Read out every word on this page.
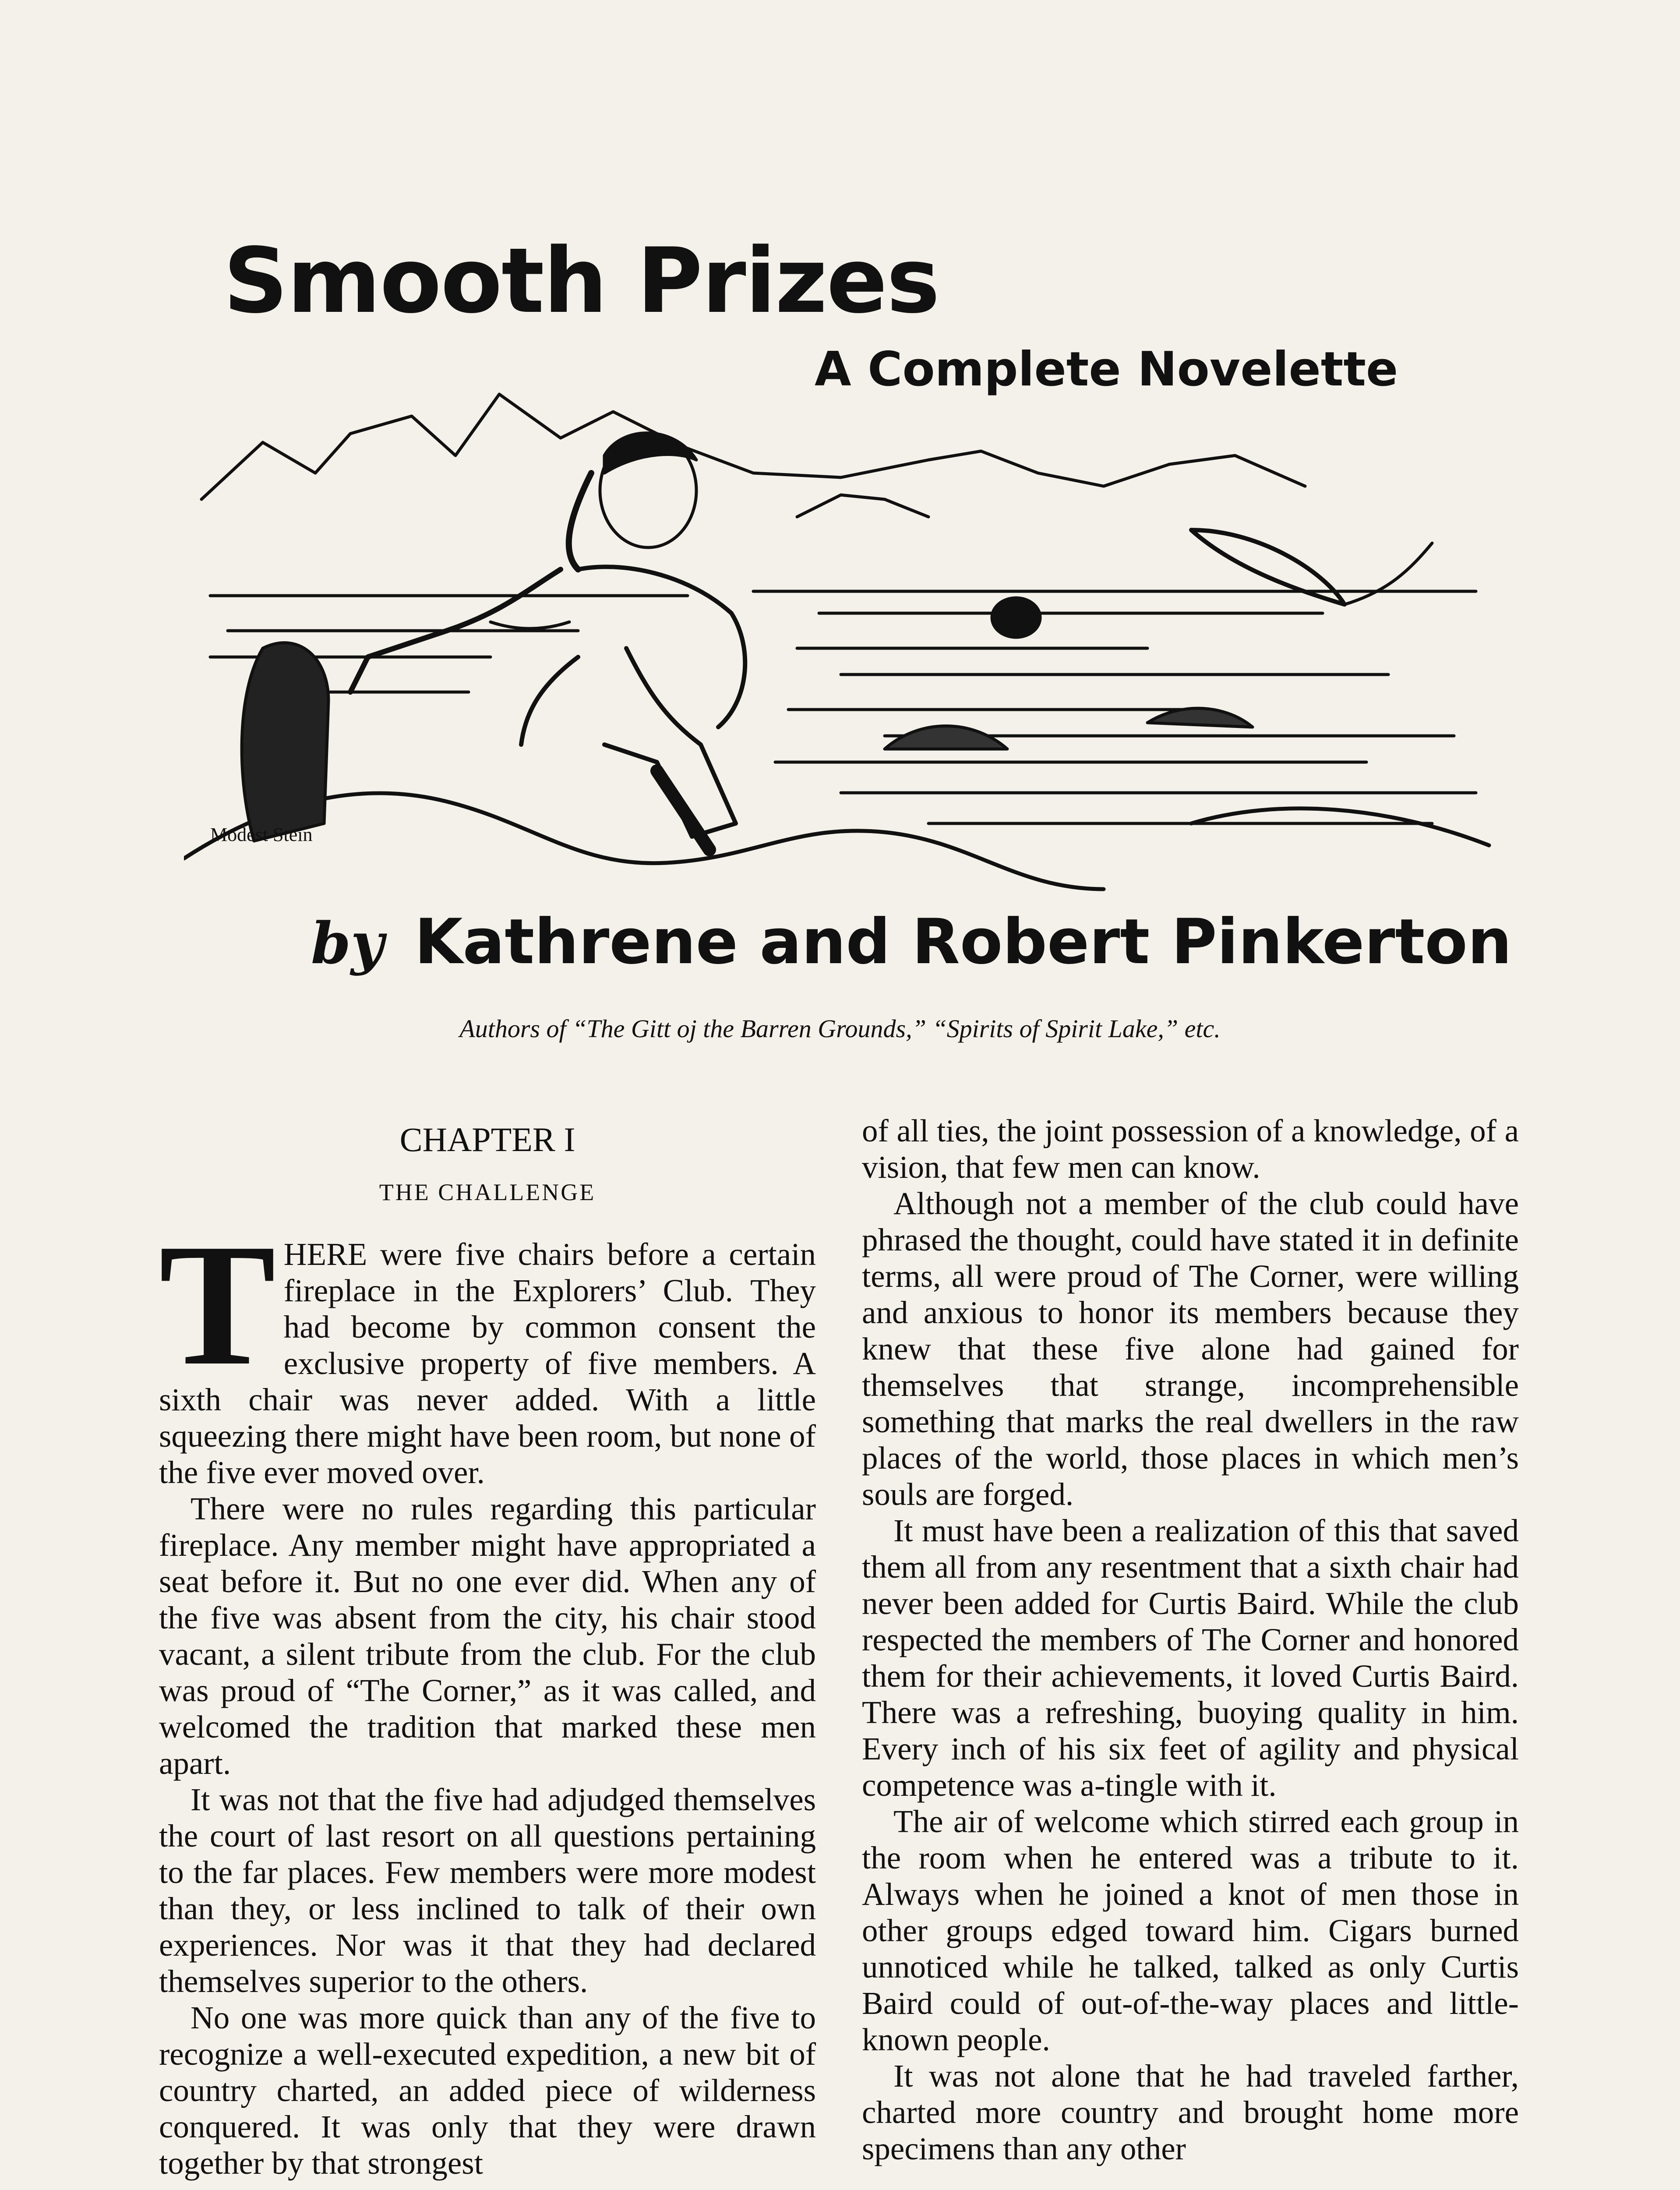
Smooth Prizes
A Complete Novelette
Modest Stein
by Kathrene and Robert Pinkerton
Authors of “The Gitt oj the Barren Grounds,” “Spirits of Spirit Lake,” etc.
CHAPTER I
THE CHALLENGE

THERE were five chairs before a certain fireplace in the Explorers’ Club. They had become by common consent the exclusive property of five members. A sixth chair was never added. With a little squeezing there might have been room, but none of the five ever moved over.

There were no rules regarding this particular fireplace. Any member might have appropriated a seat before it. But no one ever did. When any of the five was absent from the city, his chair stood vacant, a silent tribute from the club. For the club was proud of “The Corner,” as it was called, and welcomed the tradition that marked these men apart.

It was not that the five had adjudged themselves the court of last resort on all questions pertaining to the far places. Few members were more modest than they, or less inclined to talk of their own experiences. Nor was it that they had declared themselves superior to the others.

No one was more quick than any of the five to recognize a well-executed expedition, a new bit of country charted, an added piece of wilderness conquered. It was only that they were drawn together by that strongest

of all ties, the joint possession of a knowledge, of a vision, that few men can know.

Although not a member of the club could have phrased the thought, could have stated it in definite terms, all were proud of The Corner, were willing and anxious to honor its members because they knew that these five alone had gained for themselves that strange, incomprehensible something that marks the real dwellers in the raw places of the world, those places in which men’s souls are forged.

It must have been a realization of this that saved them all from any resentment that a sixth chair had never been added for Curtis Baird. While the club respected the members of The Corner and honored them for their achievements, it loved Curtis Baird. There was a refreshing, buoying quality in him. Every inch of his six feet of agility and physical competence was a-tingle with it.

The air of welcome which stirred each group in the room when he entered was a tribute to it. Always when he joined a knot of men those in other groups edged toward him. Cigars burned unnoticed while he talked, talked as only Curtis Baird could of out-of-the-way places and little-known people.

It was not alone that he had traveled farther, charted more country and brought home more specimens than any other
